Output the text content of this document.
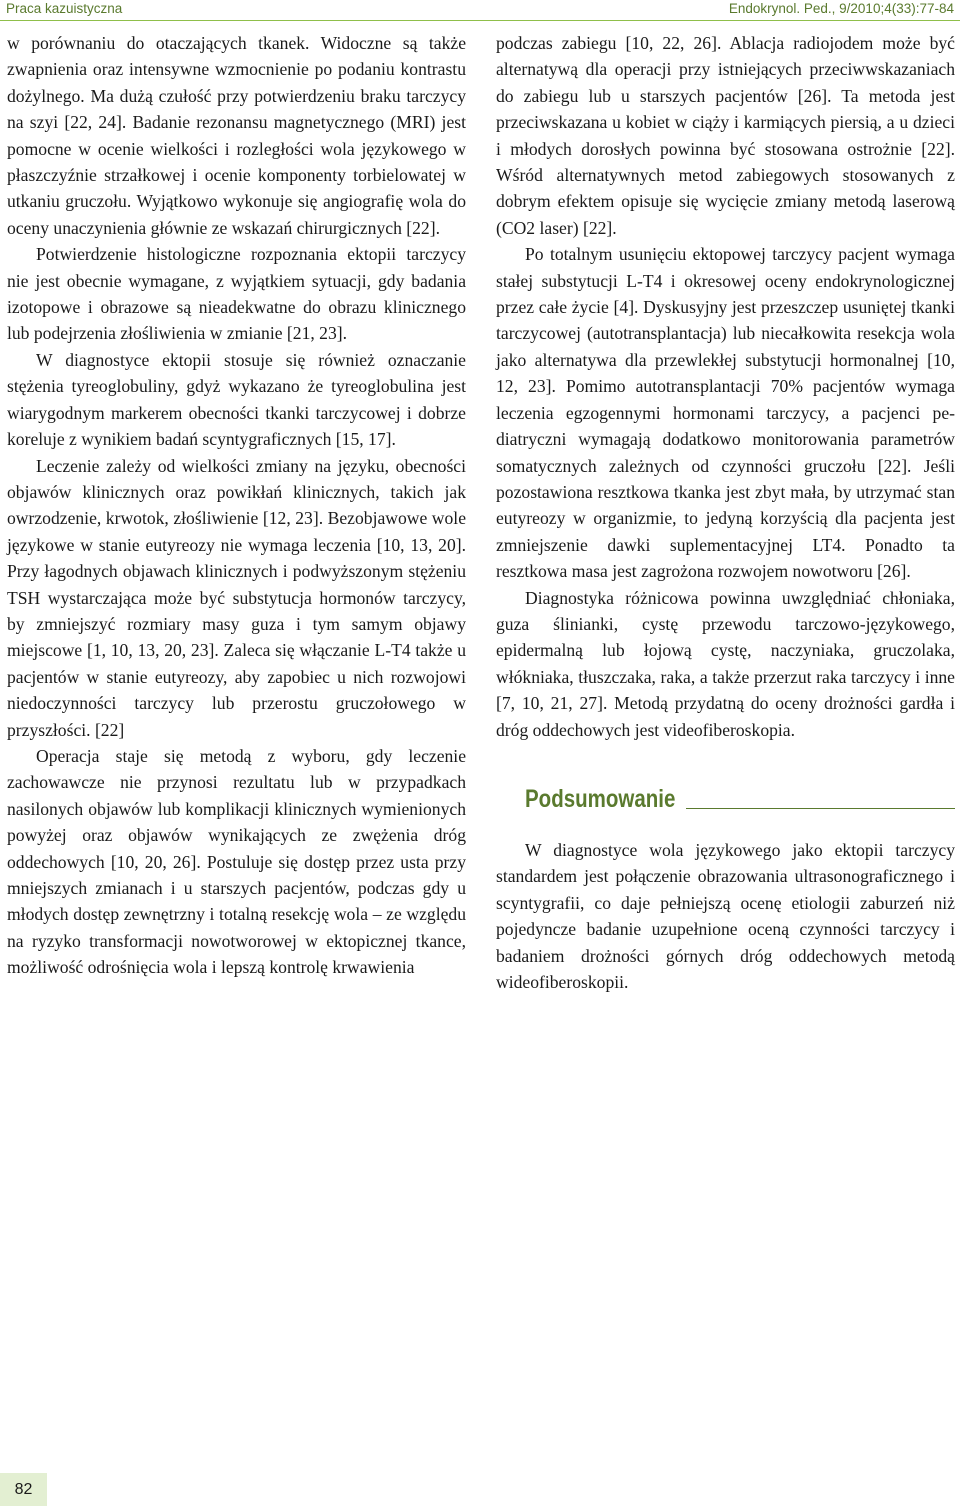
Praca kazuistyczna	Endokrynol. Ped., 9/2010;4(33):77-84

w porównaniu do otaczających tkanek. Widoczne są także zwapnienia oraz intensywne wzmocnienie po podaniu kontrastu dożylnego. Ma dużą czułość przy potwierdzeniu braku tarczycy na szyi [22, 24]. Badanie rezonansu magnetycznego (MRI) jest pomocne w ocenie wielkości i rozległości wola językowego w płaszczyźnie strzałkowej i ocenie komponenty torbielowatej w utkaniu gruczołu. Wyjątkowo wykonuje się angiografię wola do oceny unaczynienia głównie ze wskazań chirurgicznych [22].

Potwierdzenie histologiczne rozpoznania ektopii tarczycy nie jest obecnie wymagane, z wyjątkiem sytuacji, gdy badania izotopowe i obrazowe są nieadekwatne do obrazu klinicznego lub podejrzenia złośliwienia w zmianie [21, 23].

W diagnostyce ektopii stosuje się również oznaczanie stężenia tyreoglobuliny, gdyż wykazano że tyreoglobulina jest wiarygodnym markerem obecności tkanki tarczycowej i dobrze koreluje z wynikiem badań scyntygraficznych [15, 17].

Leczenie zależy od wielkości zmiany na języku, obecności objawów klinicznych oraz powikłań klinicznych, takich jak owrzodzenie, krwotok, złośliwienie [12, 23]. Bezobjawowe wole językowe w stanie eutyreozy nie wymaga leczenia [10, 13, 20]. Przy łagodnych objawach klinicznych i podwyższonym stężeniu TSH wystarczająca może być substytucja hormonów tarczycy, by zmniejszyć rozmiary masy guza i tym samym objawy miejscowe [1, 10, 13, 20, 23]. Zaleca się włączanie L-T4 także u pacjentów w stanie eutyreozy, aby zapobiec u nich rozwojowi niedoczynności tarczycy lub przerostu gruczołowego w przyszłości. [22]

Operacja staje się metodą z wyboru, gdy leczenie zachowawcze nie przynosi rezultatu lub w przypadkach nasilonych objawów lub komplikacji klinicznych wymienionych powyżej oraz objawów wynikających ze zwężenia dróg oddechowych [10, 20, 26]. Postuluje się dostęp przez usta przy mniejszych zmianach i u starszych pacjentów, podczas gdy u młodych dostęp zewnętrzny i totalną resekcję wola – ze względu na ryzyko transformacji nowotworowej w ektopicznej tkance, możliwość odrośnięcia wola i lepszą kontrolę krwawienia

podczas zabiegu [10, 22, 26]. Ablacja radiojodem może być alternatywą dla operacji przy istniejących przeciwwskazaniach do zabiegu lub u starszych pacjentów [26]. Ta metoda jest przeciwskazana u kobiet w ciąży i karmiących piersią, a u dzieci i młodych dorosłych powinna być stosowana ostrożnie [22]. Wśród alternatywnych metod zabiegowych stosowanych z dobrym efektem opisuje się wycięcie zmiany metodą laserową (CO2 laser) [22].

Po totalnym usunięciu ektopowej tarczycy pacjent wymaga stałej substytucji L-T4 i okresowej oceny endokrynologicznej przez całe życie [4]. Dyskusyjny jest przeszczep usuniętej tkanki tarczycowej (autotransplantacja) lub niecałkowita resekcja wola jako alternatywa dla przewlekłej substytucji hormonalnej [10, 12, 23]. Pomimo autotransplantacji 70% pacjentów wymaga leczenia egzogennymi hormonami tarczycy, a pacjenci pediatryczni wymagają dodatkowo monitorowania parametrów somatycznych zależnych od czynności gruczołu [22]. Jeśli pozostawiona resztkowa tkanka jest zbyt mała, by utrzymać stan eutyreozy w organizmie, to jedyną korzyścią dla pacjenta jest zmniejszenie dawki suplementacyjnej LT4. Ponadto ta resztkowa masa jest zagrożona rozwojem nowotworu [26].

Diagnostyka różnicowa powinna uwzględniać chłoniaka, guza ślinianki, cystę przewodu tarczowo-językowego, epidermalną lub łojową cystę, naczyniaka, gruczolaka, włókniaka, tłuszczaka, raka, a także przerzut raka tarczycy i inne [7, 10, 21, 27]. Metodą przydatną do oceny drożności gardła i dróg oddechowych jest videofiberoskopia.

Podsumowanie

W diagnostyce wola językowego jako ektopii tarczycy standardem jest połączenie obrazowania ultrasonograficznego i scyntygrafii, co daje pełniejszą ocenę etiologii zaburzeń niż pojedyncze badanie uzupełnione oceną czynności tarczycy i badaniem drożności górnych dróg oddechowych metodą wideofiberoskopii.

82
